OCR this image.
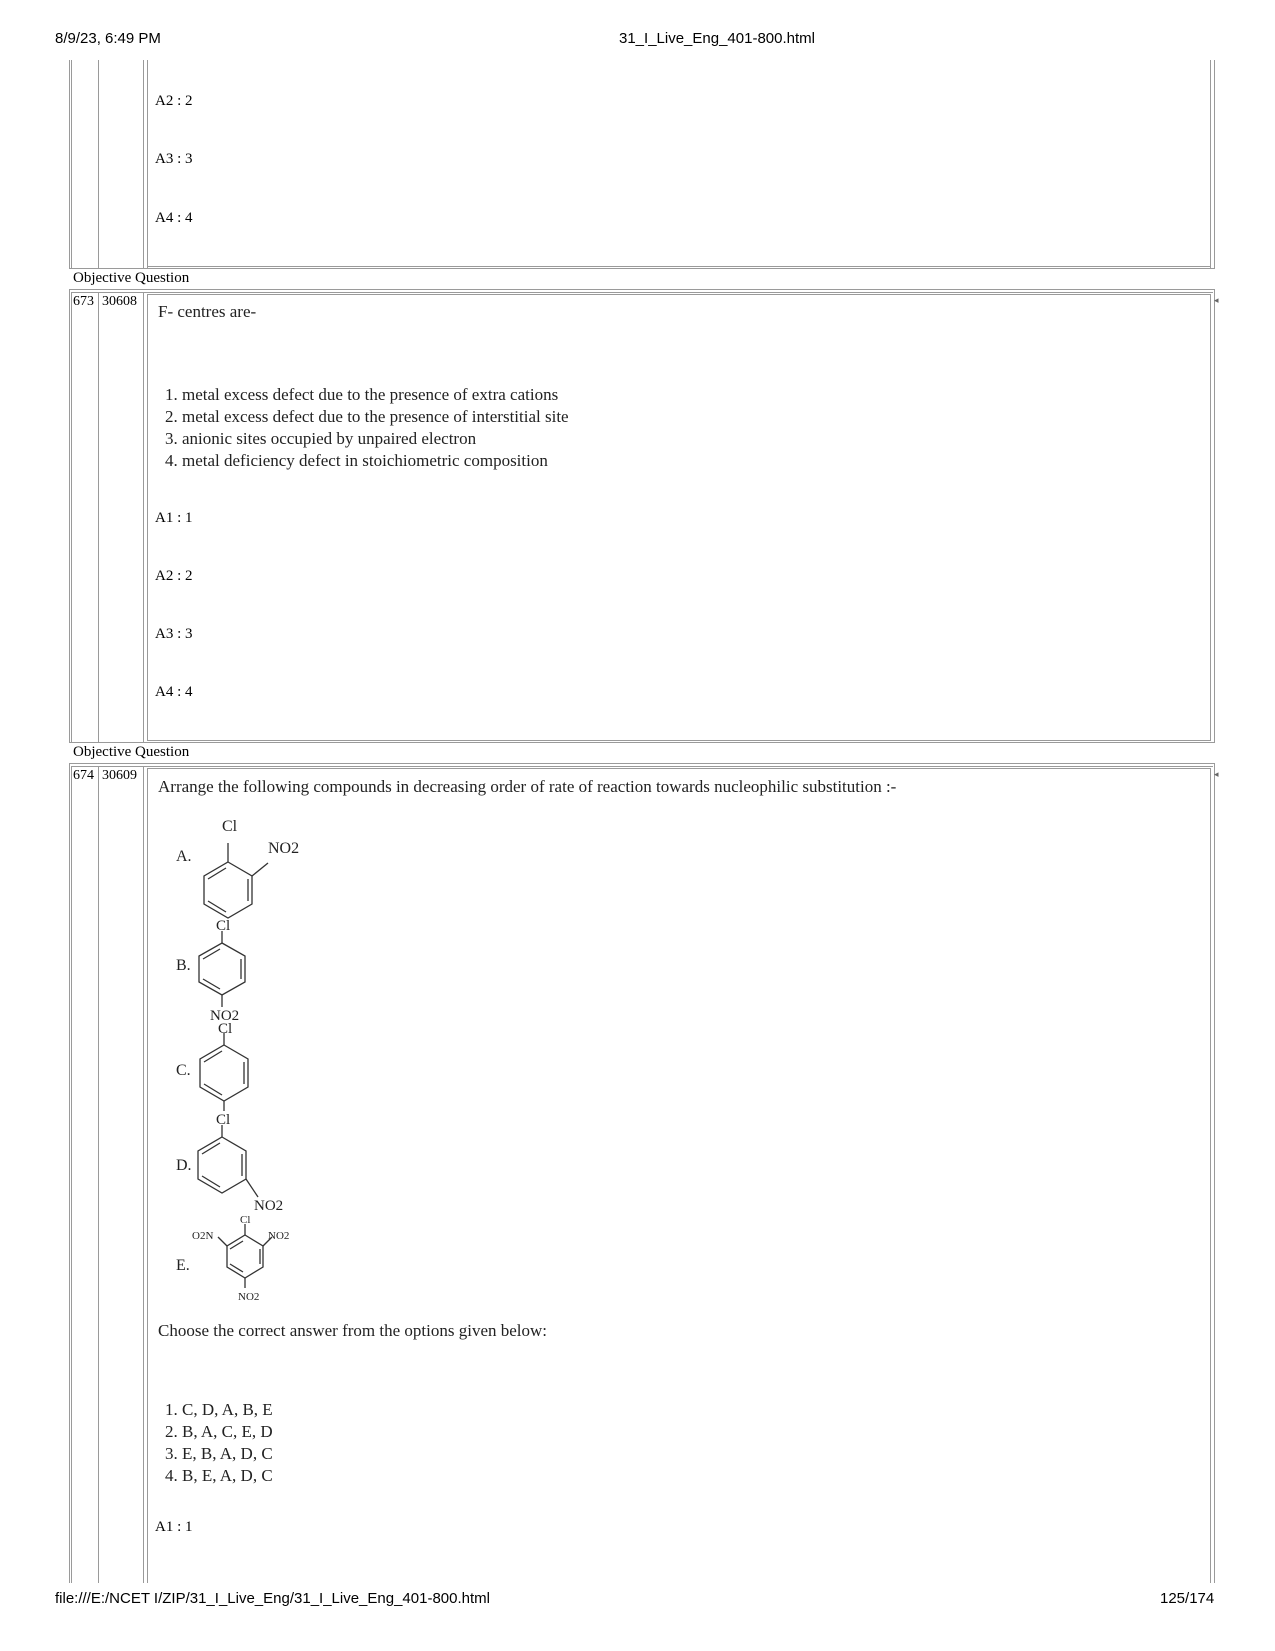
8/9/23, 6:49 PM	31_I_Live_Eng_401-800.html
A2 : 2
A3 : 3
A4 : 4
Objective Question
673 30608	◂
F- centres are-
1. metal excess defect due to the presence of extra cations
2. metal excess defect due to the presence of interstitial site
3. anionic sites occupied by unpaired electron
4. metal deficiency defect in stoichiometric composition
A1 : 1
A2 : 2
A3 : 3
A4 : 4
Objective Question
674 30609	◂
Arrange the following compounds in decreasing order of rate of reaction towards nucleophilic substitution :-
A.
Cl
NO2
B.
Cl
NO2
C.
Cl
Cl
D.
NO2
E.
Cl
O2N	NO2
NO2
Choose the correct answer from the options given below:
1. C, D, A, B, E
2. B, A, C, E, D
3. E, B, A, D, C
4. B, E, A, D, C
A1 : 1
file:///E:/NCET I/ZIP/31_I_Live_Eng/31_I_Live_Eng_401-800.html	125/174
